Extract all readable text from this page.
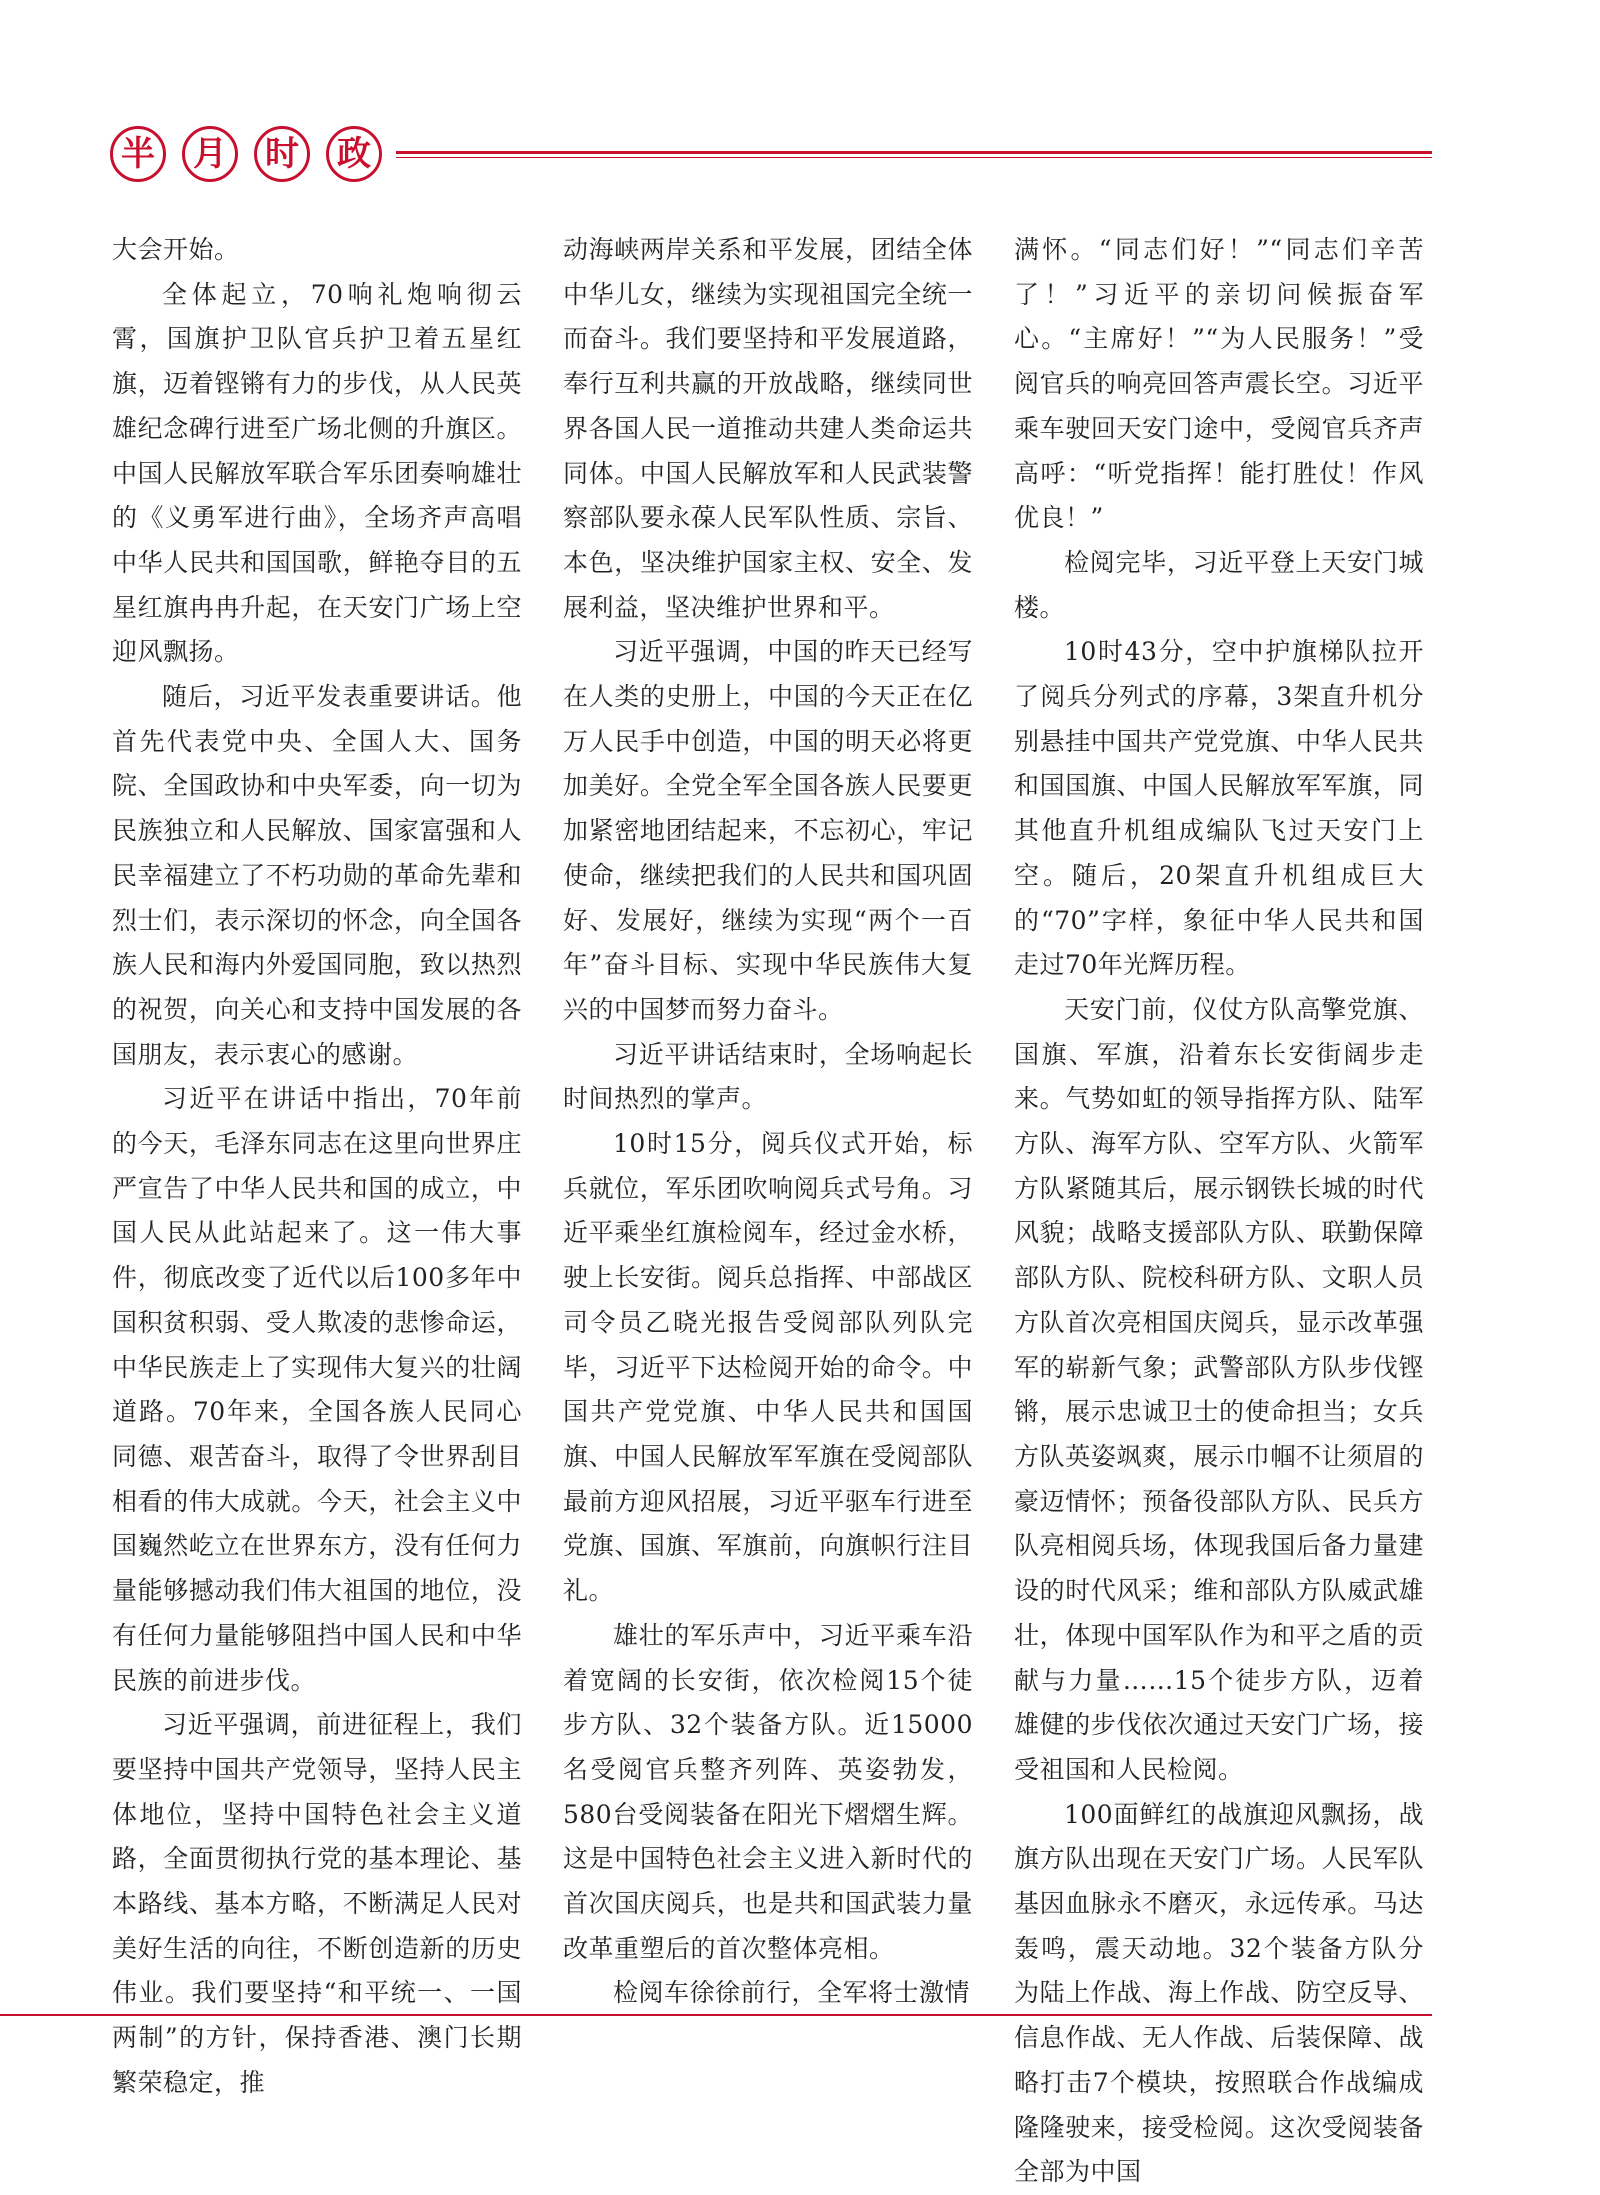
半	月	时	政

大会开始。

全体起立，70响礼炮响彻云霄，国旗护卫队官兵护卫着五星红旗，迈着铿锵有力的步伐，从人民英雄纪念碑行进至广场北侧的升旗区。中国人民解放军联合军乐团奏响雄壮的《义勇军进行曲》，全场齐声高唱中华人民共和国国歌，鲜艳夺目的五星红旗冉冉升起，在天安门广场上空迎风飘扬。

随后，习近平发表重要讲话。他首先代表党中央、全国人大、国务院、全国政协和中央军委，向一切为民族独立和人民解放、国家富强和人民幸福建立了不朽功勋的革命先辈和烈士们，表示深切的怀念，向全国各族人民和海内外爱国同胞，致以热烈的祝贺，向关心和支持中国发展的各国朋友，表示衷心的感谢。

习近平在讲话中指出，70年前的今天，毛泽东同志在这里向世界庄严宣告了中华人民共和国的成立，中国人民从此站起来了。这一伟大事件，彻底改变了近代以后100多年中国积贫积弱、受人欺凌的悲惨命运，中华民族走上了实现伟大复兴的壮阔道路。70年来，全国各族人民同心同德、艰苦奋斗，取得了令世界刮目相看的伟大成就。今天，社会主义中国巍然屹立在世界东方，没有任何力量能够撼动我们伟大祖国的地位，没有任何力量能够阻挡中国人民和中华民族的前进步伐。

习近平强调，前进征程上，我们要坚持中国共产党领导，坚持人民主体地位，坚持中国特色社会主义道路，全面贯彻执行党的基本理论、基本路线、基本方略，不断满足人民对美好生活的向往，不断创造新的历史伟业。我们要坚持“和平统一、一国两制”的方针，保持香港、澳门长期繁荣稳定，推

动海峡两岸关系和平发展，团结全体中华儿女，继续为实现祖国完全统一而奋斗。我们要坚持和平发展道路，奉行互利共赢的开放战略，继续同世界各国人民一道推动共建人类命运共同体。中国人民解放军和人民武装警察部队要永葆人民军队性质、宗旨、本色，坚决维护国家主权、安全、发展利益，坚决维护世界和平。

习近平强调，中国的昨天已经写在人类的史册上，中国的今天正在亿万人民手中创造，中国的明天必将更加美好。全党全军全国各族人民要更加紧密地团结起来，不忘初心，牢记使命，继续把我们的人民共和国巩固好、发展好，继续为实现“两个一百年”奋斗目标、实现中华民族伟大复兴的中国梦而努力奋斗。

习近平讲话结束时，全场响起长时间热烈的掌声。

10时15分，阅兵仪式开始，标兵就位，军乐团吹响阅兵式号角。习近平乘坐红旗检阅车，经过金水桥，驶上长安街。阅兵总指挥、中部战区司令员乙晓光报告受阅部队列队完毕，习近平下达检阅开始的命令。中国共产党党旗、中华人民共和国国旗、中国人民解放军军旗在受阅部队最前方迎风招展，习近平驱车行进至党旗、国旗、军旗前，向旗帜行注目礼。

雄壮的军乐声中，习近平乘车沿着宽阔的长安街，依次检阅15个徒步方队、32个装备方队。近15000名受阅官兵整齐列阵、英姿勃发，580台受阅装备在阳光下熠熠生辉。这是中国特色社会主义进入新时代的首次国庆阅兵，也是共和国武装力量改革重塑后的首次整体亮相。

检阅车徐徐前行，全军将士激情

满怀。“同志们好！”“同志们辛苦了！”习近平的亲切问候振奋军心。“主席好！”“为人民服务！”受阅官兵的响亮回答声震长空。习近平乘车驶回天安门途中，受阅官兵齐声高呼：“听党指挥！能打胜仗！作风优良！”

检阅完毕，习近平登上天安门城楼。

10时43分，空中护旗梯队拉开了阅兵分列式的序幕，3架直升机分别悬挂中国共产党党旗、中华人民共和国国旗、中国人民解放军军旗，同其他直升机组成编队飞过天安门上空。随后，20架直升机组成巨大的“70”字样，象征中华人民共和国走过70年光辉历程。

天安门前，仪仗方队高擎党旗、国旗、军旗，沿着东长安街阔步走来。气势如虹的领导指挥方队、陆军方队、海军方队、空军方队、火箭军方队紧随其后，展示钢铁长城的时代风貌；战略支援部队方队、联勤保障部队方队、院校科研方队、文职人员方队首次亮相国庆阅兵，显示改革强军的崭新气象；武警部队方队步伐铿锵，展示忠诚卫士的使命担当；女兵方队英姿飒爽，展示巾帼不让须眉的豪迈情怀；预备役部队方队、民兵方队亮相阅兵场，体现我国后备力量建设的时代风采；维和部队方队威武雄壮，体现中国军队作为和平之盾的贡献与力量……15个徒步方队，迈着雄健的步伐依次通过天安门广场，接受祖国和人民检阅。

100面鲜红的战旗迎风飘扬，战旗方队出现在天安门广场。人民军队基因血脉永不磨灭，永远传承。马达轰鸣，震天动地。32个装备方队分为陆上作战、海上作战、防空反导、信息作战、无人作战、后装保障、战略打击7个模块，按照联合作战编成隆隆驶来，接受检阅。这次受阅装备全部为中国
